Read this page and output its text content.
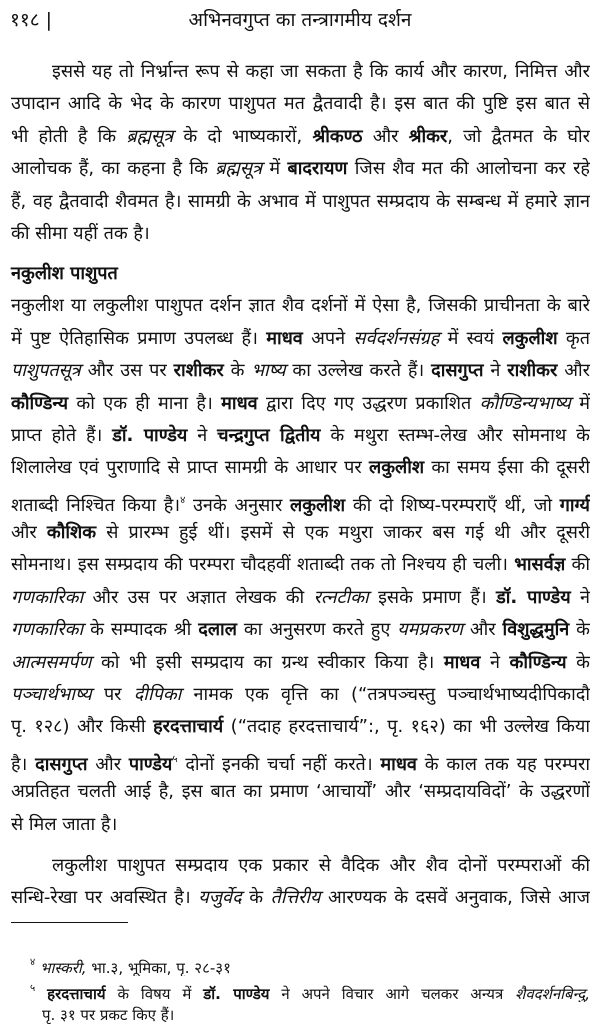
११८ |	अभिनवगुप्त का तन्त्रागमीय दर्शन
इससे यह तो निर्भ्रान्त रूप से कहा जा सकता है कि कार्य और कारण, निमित्त और
उपादान आदि के भेद के कारण पाशुपत मत द्वैतवादी है। इस बात की पुष्टि इस बात से
भी होती है कि ब्रह्मसूत्र के दो भाष्यकारों, श्रीकण्ठ और श्रीकर, जो द्वैतमत के घोर
आलोचक हैं, का कहना है कि ब्रह्मसूत्र में बादरायण जिस शैव मत की आलोचना कर रहे
हैं, वह द्वैतवादी शैवमत है। सामग्री के अभाव में पाशुपत सम्प्रदाय के सम्बन्ध में हमारे ज्ञान
की सीमा यहीं तक है।
नकुलीश पाशुपत
नकुलीश या लकुलीश पाशुपत दर्शन ज्ञात शैव दर्शनों में ऐसा है, जिसकी प्राचीनता के बारे
में पुष्ट ऐतिहासिक प्रमाण उपलब्ध हैं। माधव अपने सर्वदर्शनसंग्रह में स्वयं लकुलीश कृत
पाशुपतसूत्र और उस पर राशीकर के भाष्य का उल्लेख करते हैं। दासगुप्त ने राशीकर और
कौण्डिन्य को एक ही माना है। माधव द्वारा दिए गए उद्धरण प्रकाशित कौण्डिन्यभाष्य में
प्राप्त होते हैं। डॉ. पाण्डेय ने चन्द्रगुप्त द्वितीय के मथुरा स्तम्भ-लेख और सोमनाथ के
शिलालेख एवं पुराणादि से प्राप्त सामग्री के आधार पर लकुलीश का समय ईसा की दूसरी
शताब्दी निश्चित किया है।$^४$ उनके अनुसार लकुलीश की दो शिष्य-परम्पराएँ थीं, जो गार्ग्य
और कौशिक से प्रारम्भ हुई थीं। इसमें से एक मथुरा जाकर बस गई थी और दूसरी
सोमनाथ। इस सम्प्रदाय की परम्परा चौदहवीं शताब्दी तक तो निश्चय ही चली। भासर्वज्ञ की
गणकारिका और उस पर अज्ञात लेखक की रत्नटीका इसके प्रमाण हैं। डॉ. पाण्डेय ने
गणकारिका के सम्पादक श्री दलाल का अनुसरण करते हुए यमप्रकरण और विशुद्धमुनि के
आत्मसमर्पण को भी इसी सम्प्रदाय का ग्रन्थ स्वीकार किया है। माधव ने कौण्डिन्य के
पञ्चार्थभाष्य पर दीपिका नामक एक वृत्ति का (“तत्रपञ्चस्तु पञ्चार्थभाष्यदीपिकादौ
पृ. १२८) और किसी हरदत्ताचार्य (“तदाह हरदत्ताचार्य”:, पृ. १६२) का भी उल्लेख किया
है। दासगुप्त और पाण्डेय$^५$ दोनों इनकी चर्चा नहीं करते। माधव के काल तक यह परम्परा
अप्रतिहत चलती आई है, इस बात का प्रमाण ‘आचार्यों’ और ‘सम्प्रदायविदों’ के उद्धरणों
से मिल जाता है।
लकुलीश पाशुपत सम्प्रदाय एक प्रकार से वैदिक और शैव दोनों परम्पराओं की
सन्धि-रेखा पर अवस्थित है। यजुर्वेद के तैत्तिरीय आरण्यक के दसवें अनुवाक, जिसे आज
$^४$ भास्करी, भा.३, भूमिका, पृ. २८-३१
$^५$ हरदत्ताचार्य के विषय में डॉ. पाण्डेय ने अपने विचार आगे चलकर अन्यत्र शैवदर्शनबिन्दु,
पृ. ३१ पर प्रकट किए हैं।
